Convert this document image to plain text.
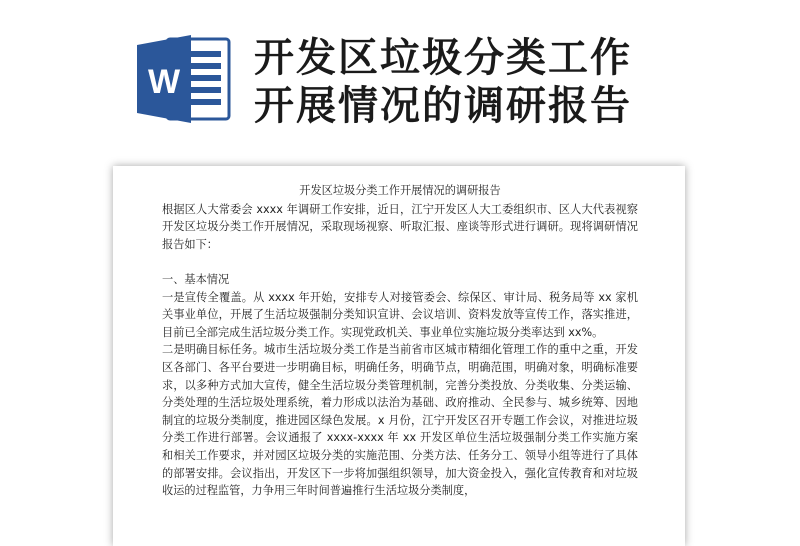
W
开发区垃圾分类工作
开展情况的调研报告
开发区垃圾分类工作开展情况的调研报告

根据区人大常委会 xxxx 年调研工作安排，近日，江宁开发区人大工委组织市、区人大代表视察开发区垃圾分类工作开展情况，采取现场视察、听取汇报、座谈等形式进行调研。现将调研情况报告如下：

一、基本情况

一是宣传全覆盖。从 xxxx 年开始，安排专人对接管委会、综保区、审计局、税务局等 xx 家机关事业单位，开展了生活垃圾强制分类知识宣讲、会议培训、资料发放等宣传工作，落实推进，目前已全部完成生活垃圾分类工作。实现党政机关、事业单位实施垃圾分类率达到 xx%。

二是明确目标任务。城市生活垃圾分类工作是当前省市区城市精细化管理工作的重中之重，开发区各部门、各平台要进一步明确目标，明确任务，明确节点，明确范围，明确对象，明确标准要求，以多种方式加大宣传，健全生活垃圾分类管理机制，完善分类投放、分类收集、分类运输、分类处理的生活垃圾处理系统，着力形成以法治为基础、政府推动、全民参与、城乡统筹、因地制宜的垃圾分类制度，推进园区绿色发展。x 月份，江宁开发区召开专题工作会议，对推进垃圾分类工作进行部署。会议通报了 xxxx-xxxx 年 xx 开发区单位生活垃圾强制分类工作实施方案和相关工作要求，并对园区垃圾分类的实施范围、分类方法、任务分工、领导小组等进行了具体的部署安排。会议指出，开发区下一步将加强组织领导，加大资金投入，强化宣传教育和对垃圾收运的过程监管，力争用三年时间普遍推行生活垃圾分类制度，
